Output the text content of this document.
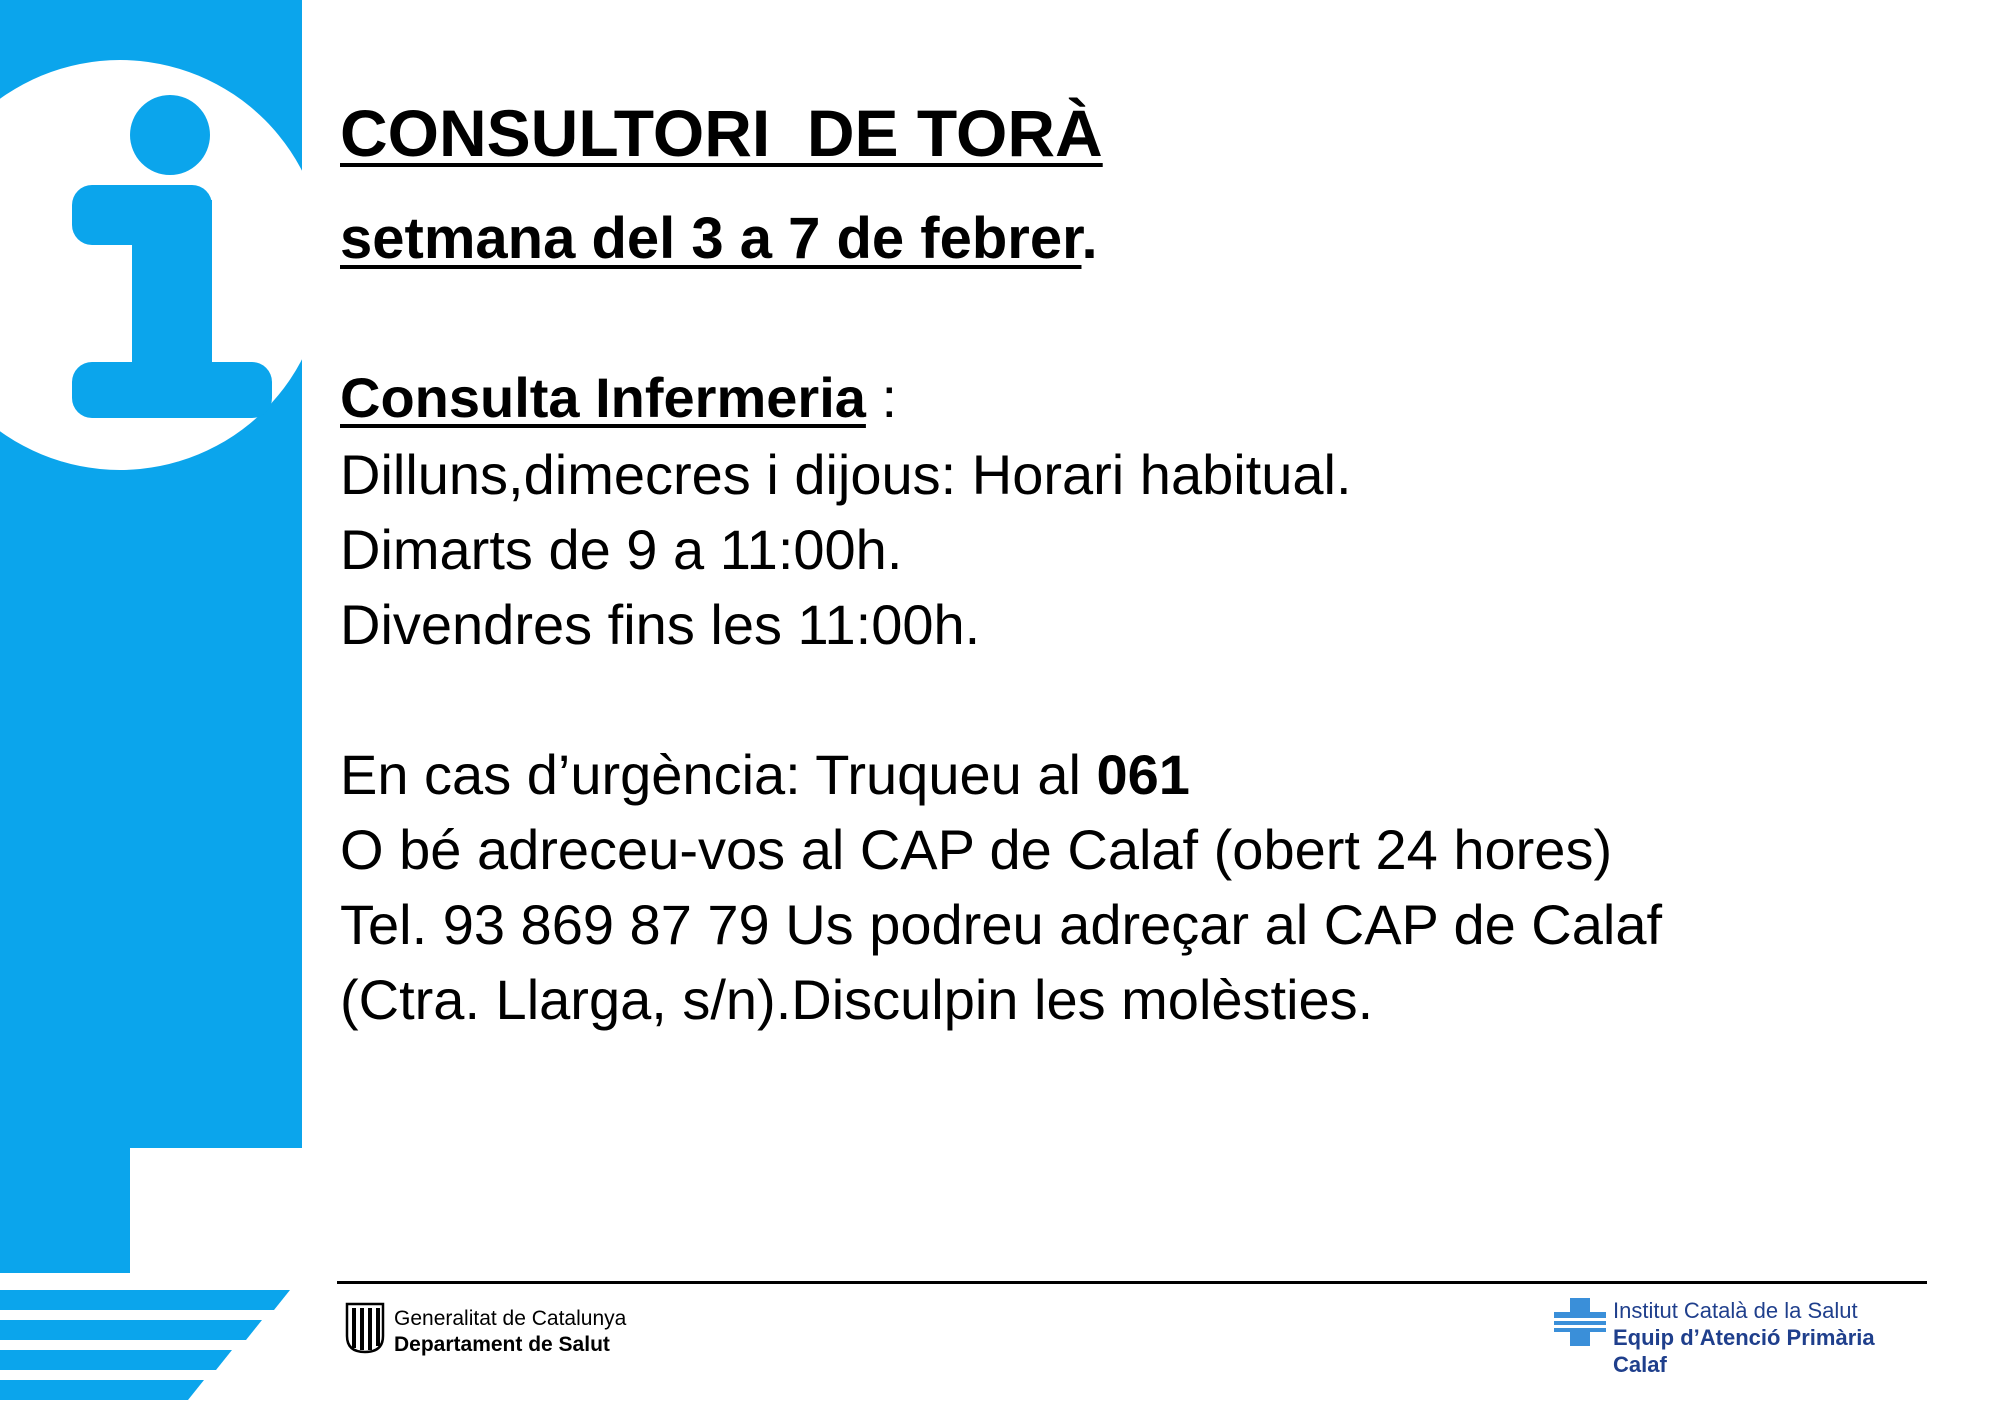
CONSULTORI  DE TORÀ
setmana del 3 a 7 de febrer.
Consulta Infermeria :

Dilluns,dimecres i dijous: Horari habitual.

Dimarts de 9 a 11:00h.

Divendres fins les 11:00h.

En cas d’urgència: Truqueu al 061

O bé adreceu-vos al CAP de Calaf (obert 24 hores)

Tel. 93 869 87 79 Us podreu adreçar al CAP de Calaf

(Ctra. Llarga, s/n).Disculpin les molèsties.

Generalitat de Catalunya
Departament de Salut
Institut Català de la Salut
Equip d’Atenció Primària
Calaf
